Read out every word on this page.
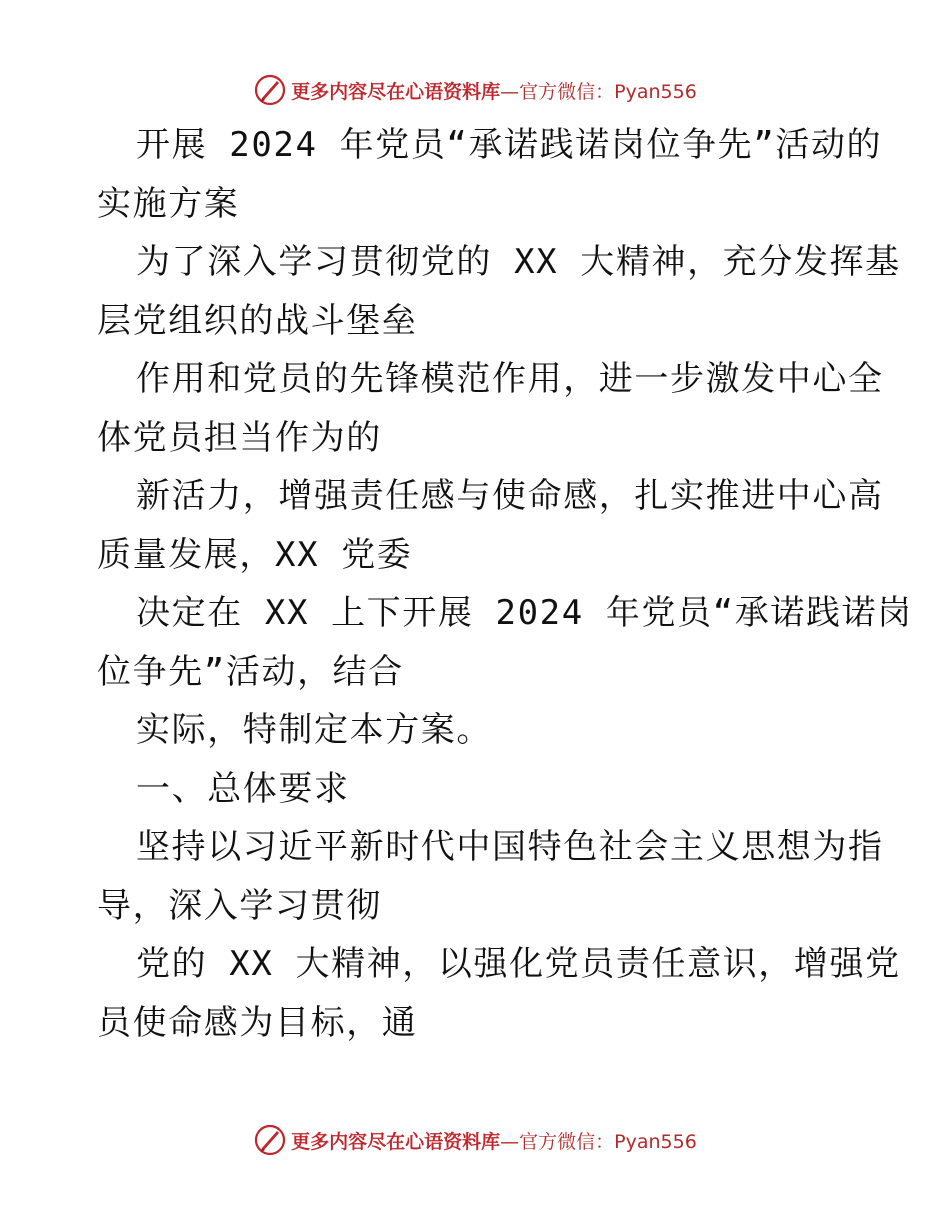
更多内容尽在心语资料库 —官方微信：Pyan556
开展 2024 年党员“承诺践诺岗位争先”活动的
实施方案
为了深入学习贯彻党的 XX 大精神，充分发挥基
层党组织的战斗堡垒
作用和党员的先锋模范作用，进一步激发中心全
体党员担当作为的
新活力，增强责任感与使命感，扎实推进中心高
质量发展，XX 党委
决定在 XX 上下开展 2024 年党员“承诺践诺岗
位争先”活动，结合
实际，特制定本方案。
一、总体要求
坚持以习近平新时代中国特色社会主义思想为指
导，深入学习贯彻
党的 XX 大精神，以强化党员责任意识，增强党
员使命感为目标，通
更多内容尽在心语资料库 —官方微信：Pyan556
